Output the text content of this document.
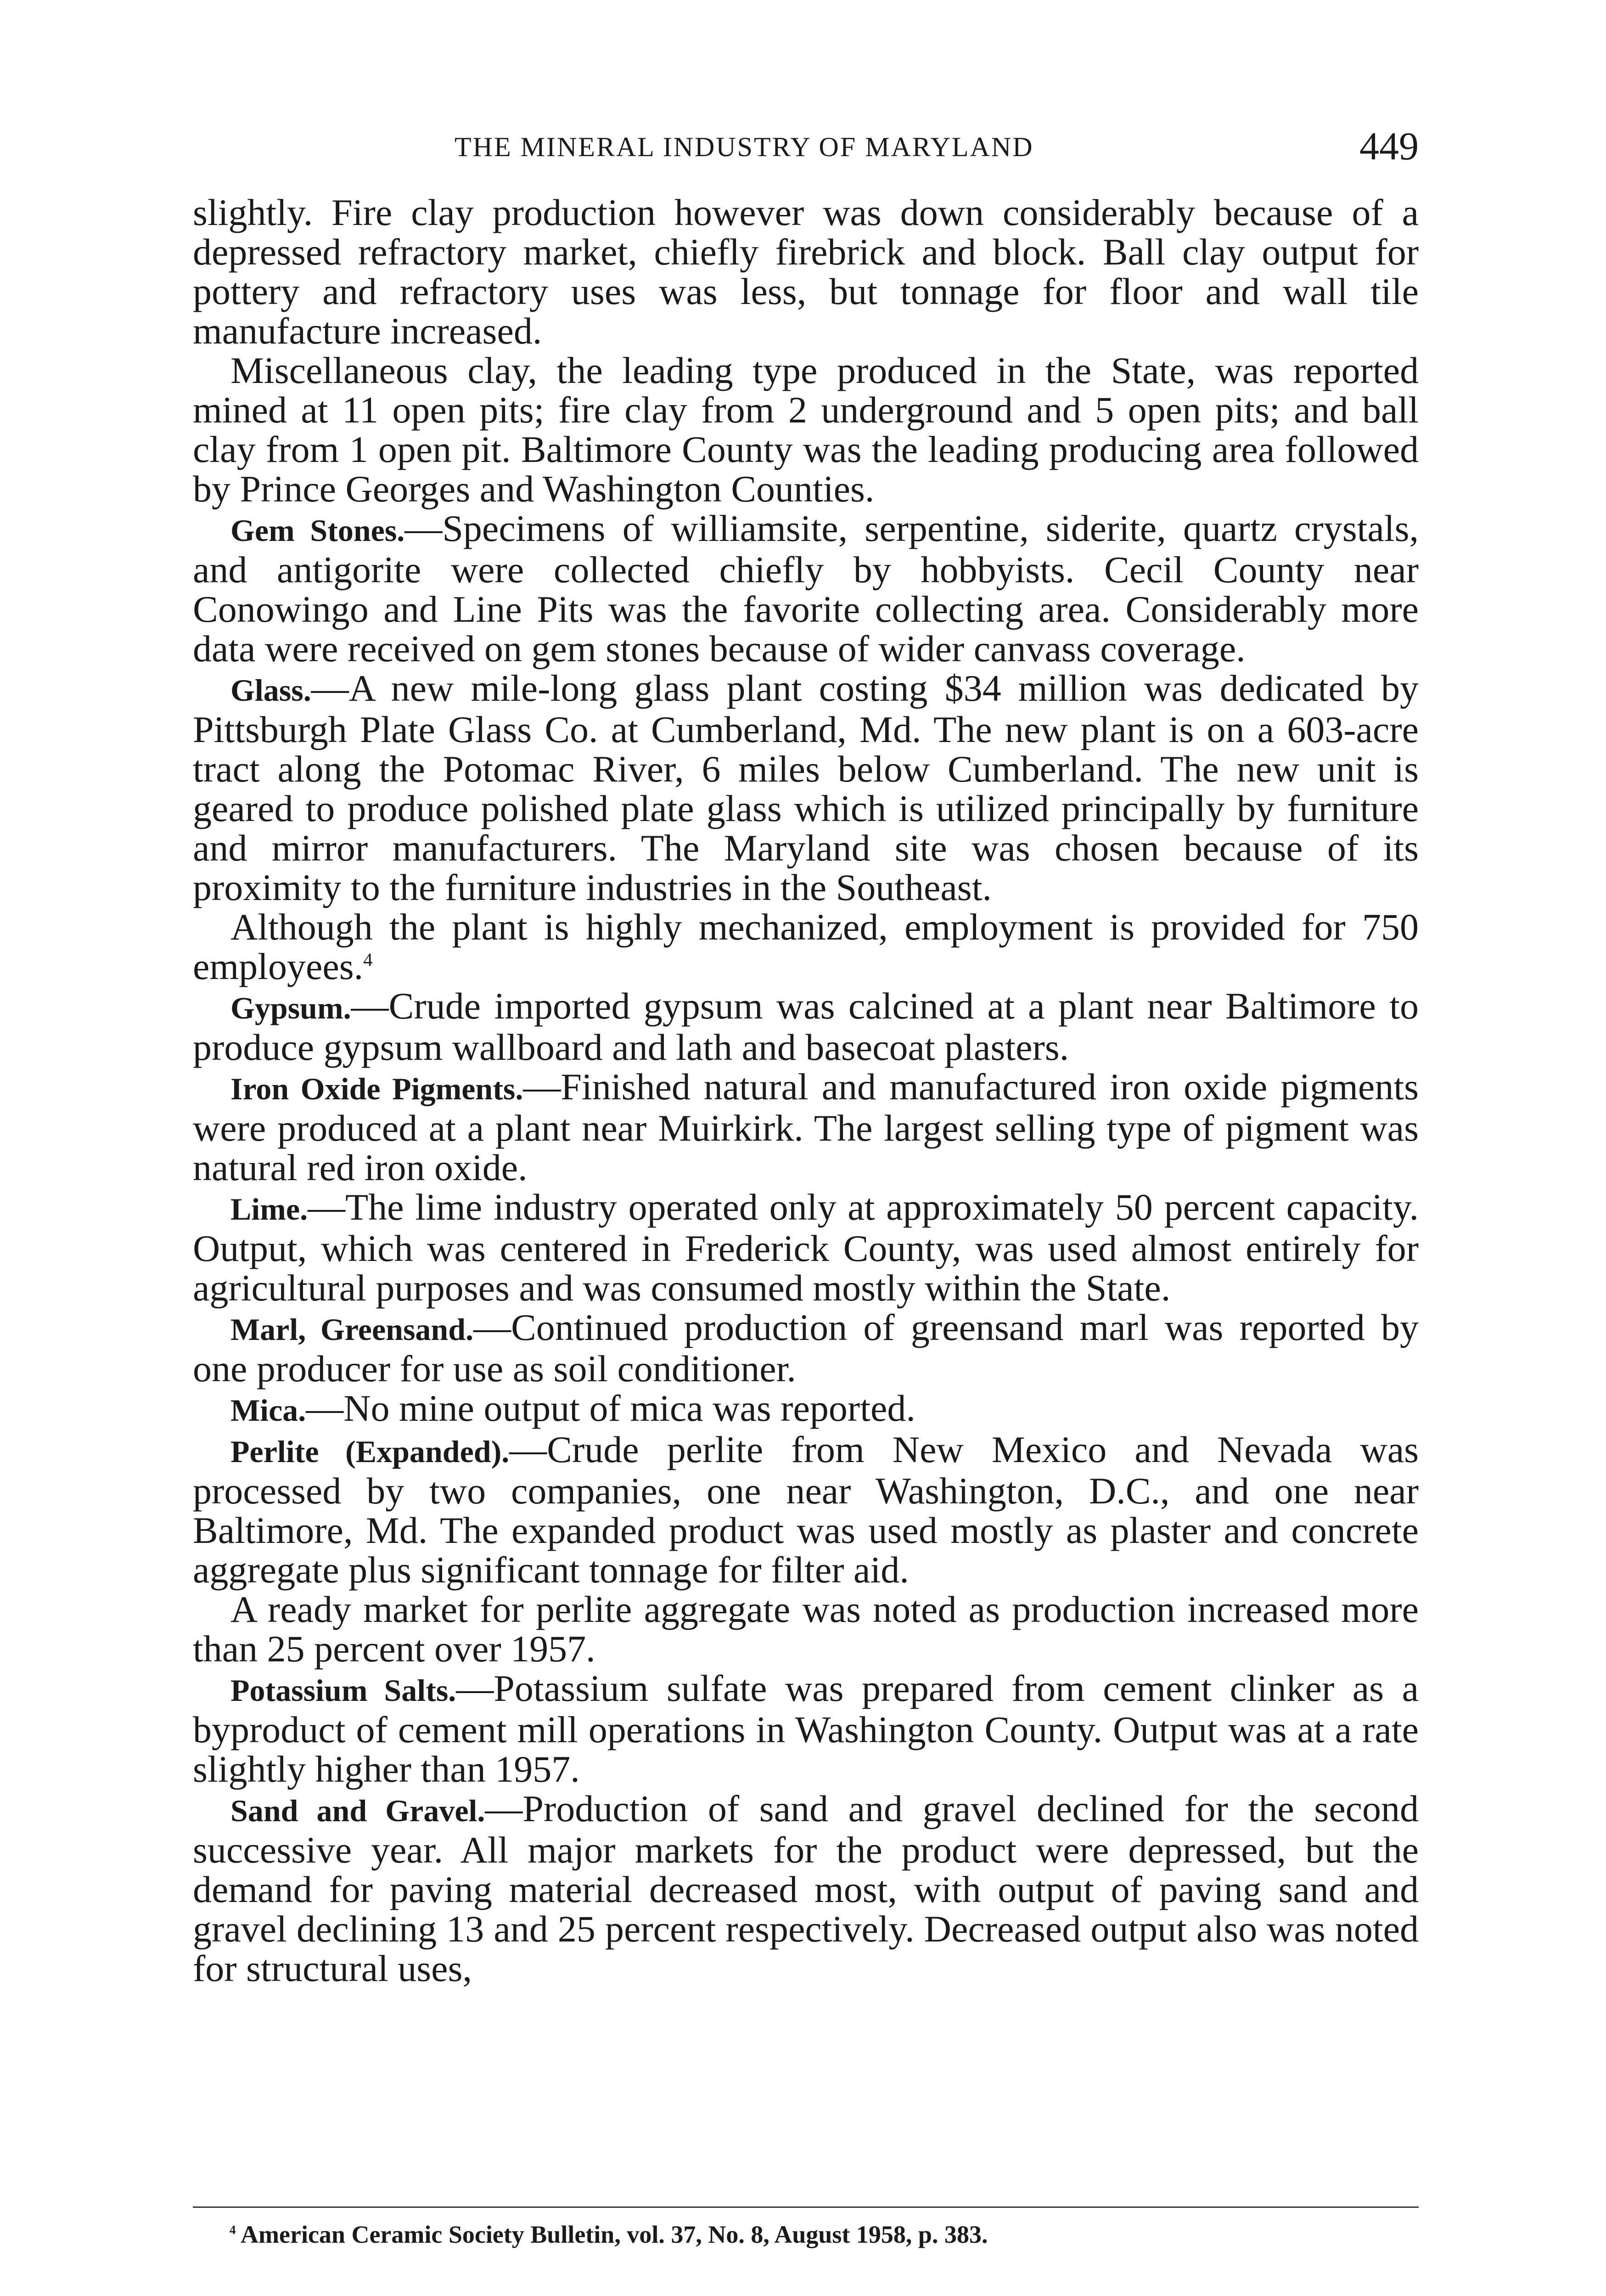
THE MINERAL INDUSTRY OF MARYLAND	449

slightly. Fire clay production however was down considerably because of a depressed refractory market, chiefly firebrick and block. Ball clay output for pottery and refractory uses was less, but tonnage for floor and wall tile manufacture increased.

Miscellaneous clay, the leading type produced in the State, was reported mined at 11 open pits; fire clay from 2 underground and 5 open pits; and ball clay from 1 open pit. Baltimore County was the leading producing area followed by Prince Georges and Washington Counties.

Gem Stones.—Specimens of williamsite, serpentine, siderite, quartz crystals, and antigorite were collected chiefly by hobbyists. Cecil County near Conowingo and Line Pits was the favorite collecting area. Considerably more data were received on gem stones because of wider canvass coverage.

Glass.—A new mile-long glass plant costing $34 million was dedicated by Pittsburgh Plate Glass Co. at Cumberland, Md. The new plant is on a 603-acre tract along the Potomac River, 6 miles below Cumberland. The new unit is geared to produce polished plate glass which is utilized principally by furniture and mirror manufacturers. The Maryland site was chosen because of its proximity to the furniture industries in the Southeast.

Although the plant is highly mechanized, employment is provided for 750 employees.$^4$

Gypsum.—Crude imported gypsum was calcined at a plant near Baltimore to produce gypsum wallboard and lath and basecoat plasters.

Iron Oxide Pigments.—Finished natural and manufactured iron oxide pigments were produced at a plant near Muirkirk. The largest selling type of pigment was natural red iron oxide.

Lime.—The lime industry operated only at approximately 50 percent capacity. Output, which was centered in Frederick County, was used almost entirely for agricultural purposes and was consumed mostly within the State.

Marl, Greensand.—Continued production of greensand marl was reported by one producer for use as soil conditioner.

Mica.—No mine output of mica was reported.

Perlite (Expanded).—Crude perlite from New Mexico and Nevada was processed by two companies, one near Washington, D.C., and one near Baltimore, Md. The expanded product was used mostly as plaster and concrete aggregate plus significant tonnage for filter aid.

A ready market for perlite aggregate was noted as production increased more than 25 percent over 1957.

Potassium Salts.—Potassium sulfate was prepared from cement clinker as a byproduct of cement mill operations in Washington County. Output was at a rate slightly higher than 1957.

Sand and Gravel.—Production of sand and gravel declined for the second successive year. All major markets for the product were depressed, but the demand for paving material decreased most, with output of paving sand and gravel declining 13 and 25 percent respectively. Decreased output also was noted for structural uses,

$^4$ American Ceramic Society Bulletin, vol. 37, No. 8, August 1958, p. 383.
